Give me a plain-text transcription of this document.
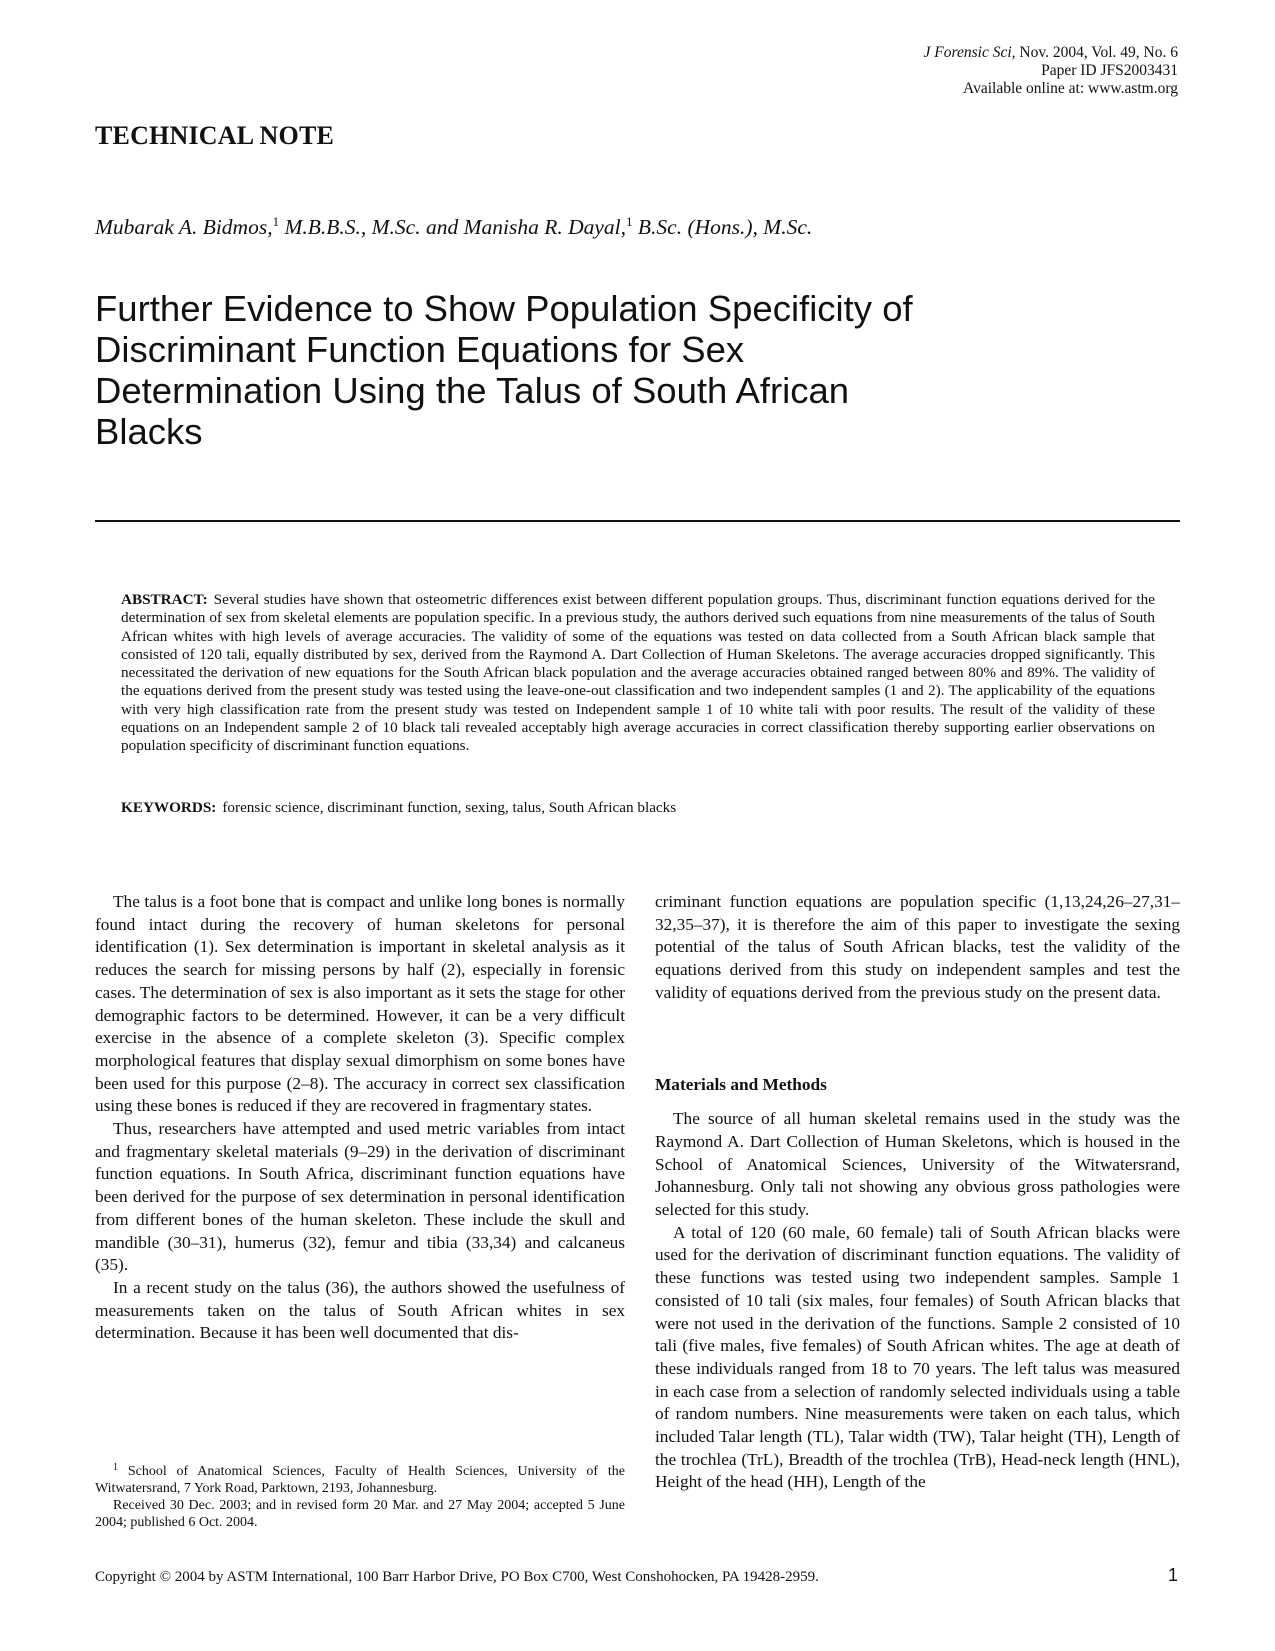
J Forensic Sci, Nov. 2004, Vol. 49, No. 6
Paper ID JFS2003431
Available online at: www.astm.org
TECHNICAL NOTE
Mubarak A. Bidmos,$^1$ M.B.B.S., M.Sc. and Manisha R. Dayal,$^1$ B.Sc. (Hons.), M.Sc.
Further Evidence to Show Population Specificity of Discriminant Function Equations for Sex Determination Using the Talus of South African Blacks

ABSTRACT: Several studies have shown that osteometric differences exist between different population groups. Thus, discriminant function equations derived for the determination of sex from skeletal elements are population specific. In a previous study, the authors derived such equations from nine measurements of the talus of South African whites with high levels of average accuracies. The validity of some of the equations was tested on data collected from a South African black sample that consisted of 120 tali, equally distributed by sex, derived from the Raymond A. Dart Collection of Human Skeletons. The average accuracies dropped significantly. This necessitated the derivation of new equations for the South African black population and the average accuracies obtained ranged between 80% and 89%. The validity of the equations derived from the present study was tested using the leave-one-out classification and two independent samples (1 and 2). The applicability of the equations with very high classification rate from the present study was tested on Independent sample 1 of 10 white tali with poor results. The result of the validity of these equations on an Independent sample 2 of 10 black tali revealed acceptably high average accuracies in correct classification thereby supporting earlier observations on population specificity of discriminant function equations.

KEYWORDS: forensic science, discriminant function, sexing, talus, South African blacks

The talus is a foot bone that is compact and unlike long bones is normally found intact during the recovery of human skeletons for personal identification (1). Sex determination is important in skeletal analysis as it reduces the search for missing persons by half (2), especially in forensic cases. The determination of sex is also important as it sets the stage for other demographic factors to be determined. However, it can be a very difficult exercise in the absence of a complete skeleton (3). Specific complex morphological features that display sexual dimorphism on some bones have been used for this purpose (2–8). The accuracy in correct sex classification using these bones is reduced if they are recovered in fragmentary states.

Thus, researchers have attempted and used metric variables from intact and fragmentary skeletal materials (9–29) in the derivation of discriminant function equations. In South Africa, discriminant function equations have been derived for the purpose of sex determination in personal identification from different bones of the human skeleton. These include the skull and mandible (30–31), humerus (32), femur and tibia (33,34) and calcaneus (35).

In a recent study on the talus (36), the authors showed the usefulness of measurements taken on the talus of South African whites in sex determination. Because it has been well documented that dis-

criminant function equations are population specific (1,13,24,26–27,31–32,35–37), it is therefore the aim of this paper to investigate the sexing potential of the talus of South African blacks, test the validity of the equations derived from this study on independent samples and test the validity of equations derived from the previous study on the present data.

Materials and Methods

The source of all human skeletal remains used in the study was the Raymond A. Dart Collection of Human Skeletons, which is housed in the School of Anatomical Sciences, University of the Witwatersrand, Johannesburg. Only tali not showing any obvious gross pathologies were selected for this study.

A total of 120 (60 male, 60 female) tali of South African blacks were used for the derivation of discriminant function equations. The validity of these functions was tested using two independent samples. Sample 1 consisted of 10 tali (six males, four females) of South African blacks that were not used in the derivation of the functions. Sample 2 consisted of 10 tali (five males, five females) of South African whites. The age at death of these individuals ranged from 18 to 70 years. The left talus was measured in each case from a selection of randomly selected individuals using a table of random numbers. Nine measurements were taken on each talus, which included Talar length (TL), Talar width (TW), Talar height (TH), Length of the trochlea (TrL), Breadth of the trochlea (TrB), Head-neck length (HNL), Height of the head (HH), Length of the

$^1$ School of Anatomical Sciences, Faculty of Health Sciences, University of the Witwatersrand, 7 York Road, Parktown, 2193, Johannesburg.

Received 30 Dec. 2003; and in revised form 20 Mar. and 27 May 2004; accepted 5 June 2004; published 6 Oct. 2004.

Copyright © 2004 by ASTM International, 100 Barr Harbor Drive, PO Box C700, West Conshohocken, PA 19428-2959.	1
